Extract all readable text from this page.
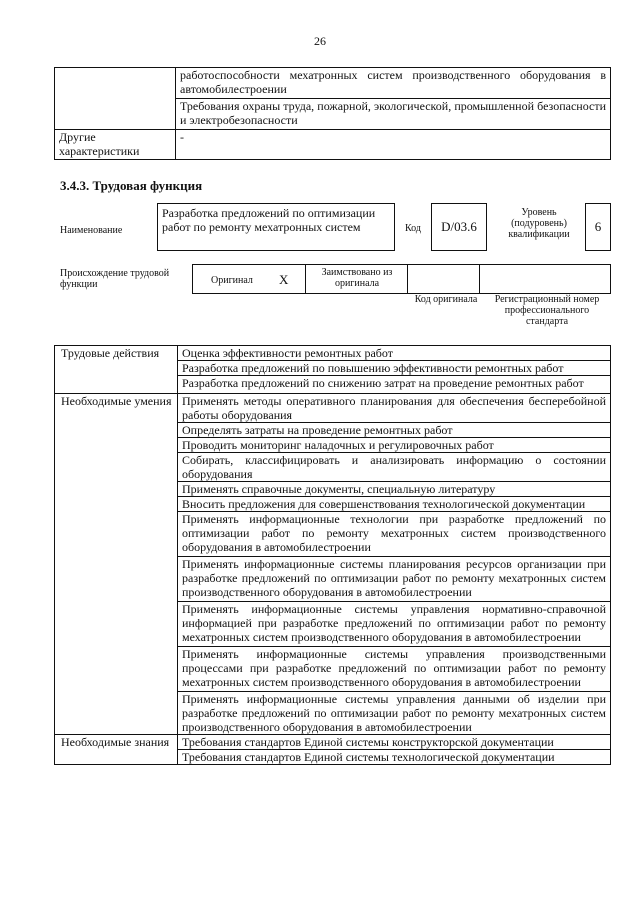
26
	работоспособности мехатронных систем производственного оборудования в автомобилестроении
	Требования охраны труда, пожарной, экологической, промышленной безопасности и электробезопасности
Другие характеристики	-
3.4.3. Трудовая функция
Наименование
Разработка предложений по оптимизации работ по ремонту мехатронных систем	Код	D/03.6
Уровень (подуровень) квалификации
6
Происхождение трудовой функции	Оригинал X	Заимствовано из оригинала
Код оригинала	Регистрационный номер профессионального стандарта
Трудовые действия	Оценка эффективности ремонтных работ
	Разработка предложений по повышению эффективности ремонтных работ
	Разработка предложений по снижению затрат на проведение ремонтных работ
Необходимые умения	Применять методы оперативного планирования для обеспечения бесперебойной работы оборудования
	Определять затраты на проведение ремонтных работ
	Проводить мониторинг наладочных и регулировочных работ
	Собирать, классифицировать и анализировать информацию о состоянии оборудования
	Применять справочные документы, специальную литературу
	Вносить предложения для совершенствования технологической документации
	Применять информационные технологии при разработке предложений по оптимизации работ по ремонту мехатронных систем производственного оборудования в автомобилестроении
	Применять информационные системы планирования ресурсов организации при разработке предложений по оптимизации работ по ремонту мехатронных систем производственного оборудования в автомобилестроении
	Применять информационные системы управления нормативно-справочной информацией при разработке предложений по оптимизации работ по ремонту мехатронных систем производственного оборудования в автомобилестроении
	Применять информационные системы управления производственными процессами при разработке предложений по оптимизации работ по ремонту мехатронных систем производственного оборудования в автомобилестроении
	Применять информационные системы управления данными об изделии при разработке предложений по оптимизации работ по ремонту мехатронных систем производственного оборудования в автомобилестроении
Необходимые знания	Требования стандартов Единой системы конструкторской документации
	Требования стандартов Единой системы технологической документации
